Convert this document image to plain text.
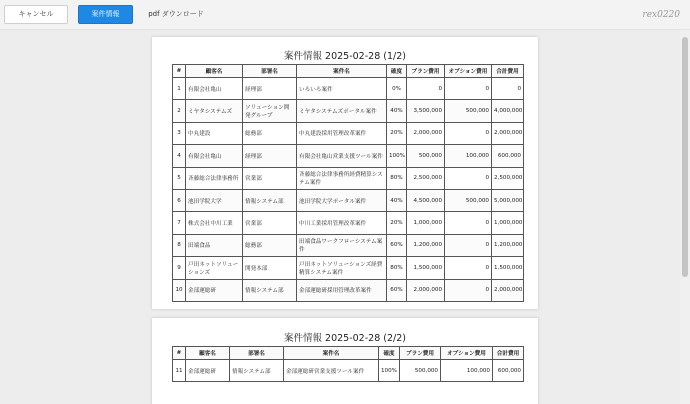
キャンセル	案件情報	pdf ダウンロード	rex0220
案件情報 2025-02-28 (1/2)
#	顧客名	部署名	案件名	確度	プラン費用	オプション費用	合計費用
1	有限会社亀山	経理部	いろいろ案件	0%	0	0	0
2	ミヤタシステムズ	ソリューション開発グループ	ミヤタシステムズポータル案件	40%	3,500,000	500,000	4,000,000
3	中丸建設	総務部	中丸建設採用管理改革案件	20%	2,000,000	0	2,000,000
4	有限会社亀山	経理部	有限会社亀山営業支援ツール案件	100%	500,000	100,000	600,000
5	斉藤総合法律事務所	営業部	斉藤総合法律事務所経費精算システム案件	80%	2,500,000	0	2,500,000
6	池田学院大学	情報システム部	池田学院大学ポータル案件	40%	4,500,000	500,000	5,000,000
7	株式会社中川工業	営業部	中川工業採用管理改革案件	20%	1,000,000	0	1,000,000
8	田端食品	総務部	田端食品ワークフローシステム案件	60%	1,200,000	0	1,200,000
9	戸田ネットソリューションズ	開発本部	戸田ネットソリューションズ経費精算システム案件	80%	1,500,000	0	1,500,000
10	金部運総研	情報システム部	金部運総研採用管理改革案件	60%	2,000,000	0	2,000,000
案件情報 2025-02-28 (2/2)
#	顧客名	部署名	案件名	確度	プラン費用	オプション費用	合計費用
11	金部運総研	情報システム部	金部運総研営業支援ツール案件	100%	500,000	100,000	600,000
